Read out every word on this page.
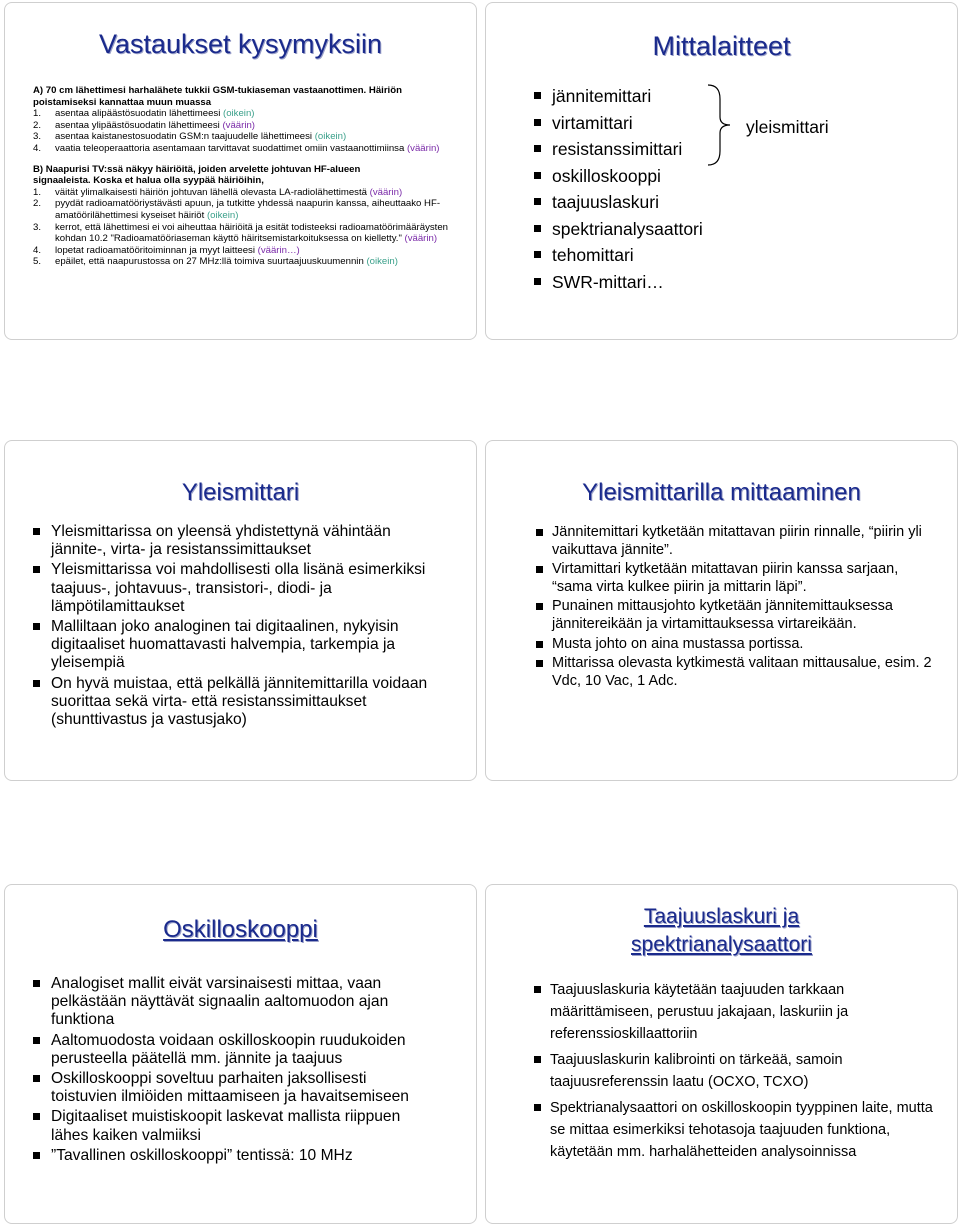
Vastaukset kysymyksiin
A) 70 cm lähettimesi harhalähete tukkii GSM-tukiaseman vastaanottimen. Häiriön poistamiseksi kannattaa muun muassa
1.	asentaa alipäästösuodatin lähettimeesi (oikein)
2.	asentaa ylipäästösuodatin lähettimeesi (väärin)
3.	asentaa kaistanestosuodatin GSM:n taajuudelle lähettimeesi (oikein)
4.	vaatia teleoperaattoria asentamaan tarvittavat suodattimet omiin vastaanottimiinsa (väärin)
B) Naapurisi TV:ssä näkyy häiriöitä, joiden arvelette johtuvan HF-alueen signaaleista. Koska et halua olla syypää häiriöihin,
1.	väität ylimalkaisesti häiriön johtuvan lähellä olevasta LA-radiolähettimestä (väärin)
2.	pyydät radioamatööriystävästi apuun, ja tutkitte yhdessä naapurin kanssa, aiheuttaako HF-amatöörilähettimesi kyseiset häiriöt (oikein)
3.	kerrot, että lähettimesi ei voi aiheuttaa häiriöitä ja esität todisteeksi radioamatöörimääräysten kohdan 10.2 "Radioamatööriaseman käyttö häiritsemistarkoituksessa on kielletty." (väärin)
4.	lopetat radioamatööritoiminnan ja myyt laitteesi (väärin…)
5.	epäilet, että naapurustossa on 27 MHz:llä toimiva suurtaajuuskuumennin (oikein)
Mittalaitteet
jännitemittari
virtamittari
resistanssimittari
oskilloskooppi
taajuuslaskuri
spektrianalysaattori
tehomittari
SWR-mittari…
yleismittari
Yleismittari
Yleismittarissa on yleensä yhdistettynä vähintään jännite-, virta- ja resistanssimittaukset
Yleismittarissa voi mahdollisesti olla lisänä esimerkiksi taajuus-, johtavuus-, transistori-, diodi- ja lämpötilamittaukset
Malliltaan joko analoginen tai digitaalinen, nykyisin digitaaliset huomattavasti halvempia, tarkempia ja yleisempiä
On hyvä muistaa, että pelkällä jännitemittarilla voidaan suorittaa sekä virta- että resistanssimittaukset (shunttivastus ja vastusjako)
Yleismittarilla mittaaminen
Jännitemittari kytketään mitattavan piirin rinnalle, “piirin yli vaikuttava jännite”.
Virtamittari kytketään mitattavan piirin kanssa sarjaan, “sama virta kulkee piirin ja mittarin läpi”.
Punainen mittausjohto kytketään jännitemittauksessa jännitereikään ja virtamittauksessa virtareikään.
Musta johto on aina mustassa portissa.
Mittarissa olevasta kytkimestä valitaan mittausalue, esim. 2 Vdc, 10 Vac, 1 Adc.
Oskilloskooppi
Analogiset mallit eivät varsinaisesti mittaa, vaan pelkästään näyttävät signaalin aaltomuodon ajan funktiona
Aaltomuodosta voidaan oskilloskoopin ruudukoiden perusteella päätellä mm. jännite ja taajuus
Oskilloskooppi soveltuu parhaiten jaksollisesti toistuvien ilmiöiden mittaamiseen ja havaitsemiseen
Digitaaliset muistiskoopit laskevat mallista riippuen lähes kaiken valmiiksi
”Tavallinen oskilloskooppi” tentissä: 10 MHz
Taajuuslaskuri ja
spektrianalysaattori
Taajuuslaskuria käytetään taajuuden tarkkaan määrittämiseen, perustuu jakajaan, laskuriin ja referenssioskillaattoriin
Taajuuslaskurin kalibrointi on tärkeää, samoin taajuusreferenssin laatu (OCXO, TCXO)
Spektrianalysaattori on oskilloskoopin tyyppinen laite, mutta se mittaa esimerkiksi tehotasoja taajuuden funktiona, käytetään mm. harhalähetteiden analysoinnissa
